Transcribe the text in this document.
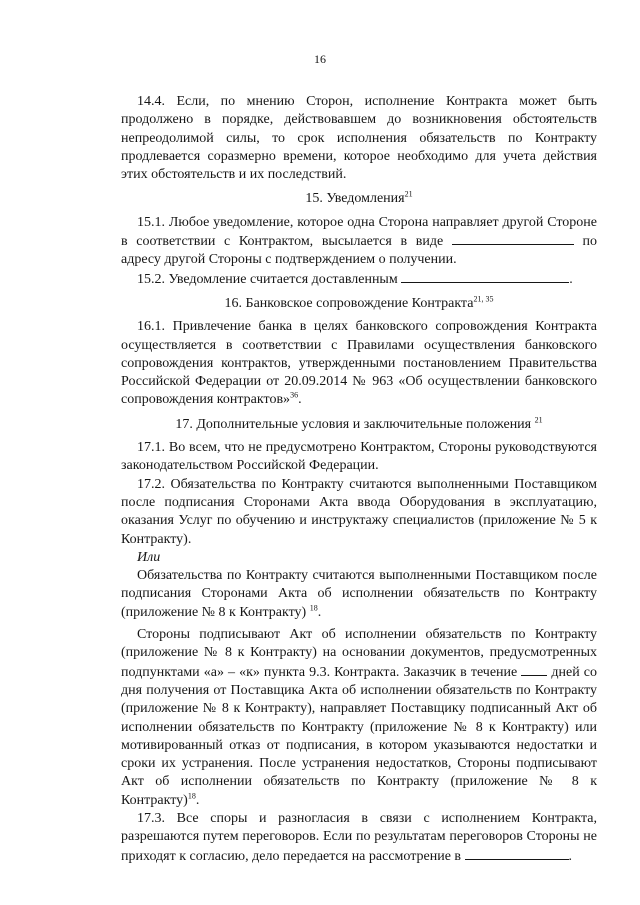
16

14.4. Если, по мнению Сторон, исполнение Контракта может быть продолжено в порядке, действовавшем до возникновения обстоятельств непреодолимой силы, то срок исполнения обязательств по Контракту продлевается соразмерно времени, которое необходимо для учета действия этих обстоятельств и их последствий.

15. Уведомления$^{21}$

15.1. Любое уведомление, которое одна Сторона направляет другой Стороне в соответствии с Контрактом, высылается в виде	по адресу другой Стороны с подтверждением о получении.

15.2. Уведомление считается доставленным	.

16. Банковское сопровождение Контракта$^{21, 35}$

16.1. Привлечение банка в целях банковского сопровождения Контракта осуществляется в соответствии с Правилами осуществления банковского сопровождения контрактов, утвержденными постановлением Правительства Российской Федерации от 20.09.2014 № 963 «Об осуществлении банковского сопровождения контрактов»$^{36}$.

17. Дополнительные условия и заключительные положения $^{21}$

17.1. Во всем, что не предусмотрено Контрактом, Стороны руководствуются законодательством Российской Федерации.

17.2. Обязательства по Контракту считаются выполненными Поставщиком после подписания Сторонами Акта ввода Оборудования в эксплуатацию, оказания Услуг по обучению и инструктажу специалистов (приложение № 5 к Контракту).

Или

Обязательства по Контракту считаются выполненными Поставщиком после подписания Сторонами Акта об исполнении обязательств по Контракту (приложение № 8 к Контракту) $^{18}$.

Стороны подписывают Акт об исполнении обязательств по Контракту (приложение № 8 к Контракту) на основании документов, предусмотренных подпунктами «а» – «к» пункта 9.3. Контракта. Заказчик в течение дней со дня получения от Поставщика Акта об исполнении обязательств по Контракту (приложение № 8 к Контракту), направляет Поставщику подписанный Акт об исполнении обязательств по Контракту (приложение № 8 к Контракту) или мотивированный отказ от подписания, в котором указываются недостатки и сроки их устранения. После устранения недостатков, Стороны подписывают Акт об исполнении обязательств по Контракту (приложение № 8 к Контракту)$^{18}$.

17.3. Все споры и разногласия в связи с исполнением Контракта, разрешаются путем переговоров. Если по результатам переговоров Стороны не приходят к согласию, дело передается на рассмотрение в	.
